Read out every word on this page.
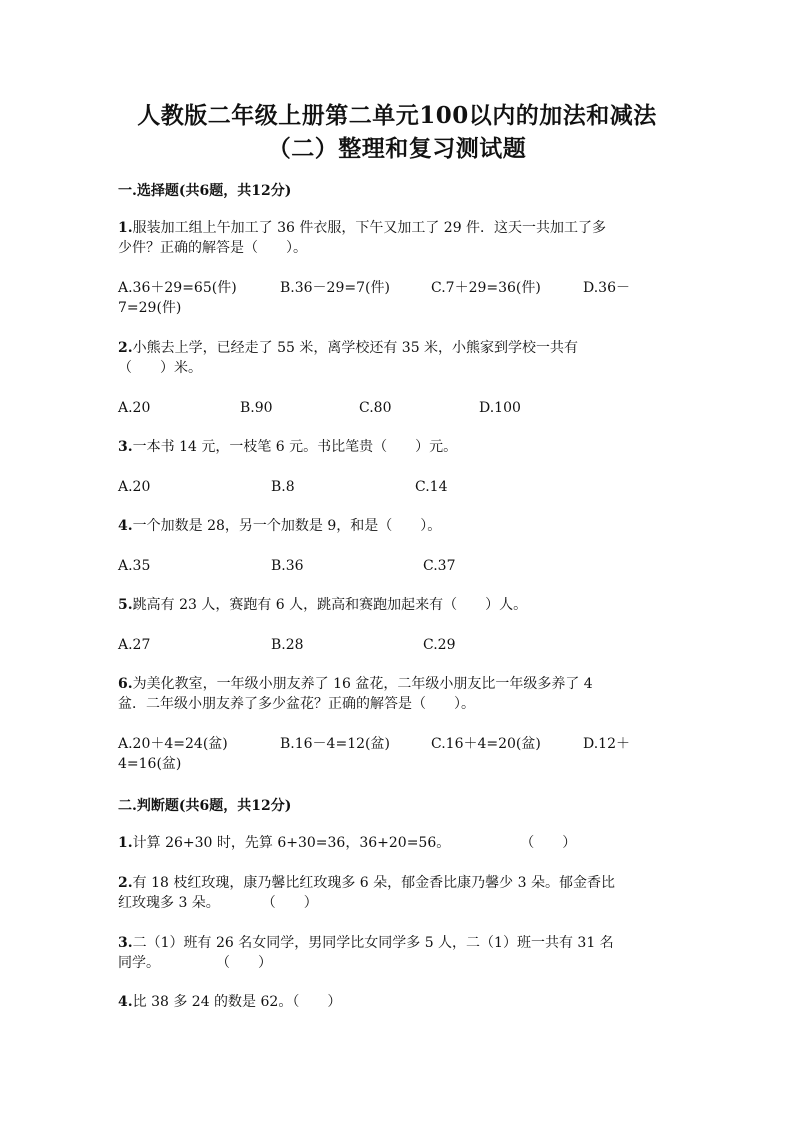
人教版二年级上册第二单元100以内的加法和减法
（二）整理和复习测试题
一.选择题(共6题，共12分)
1.服装加工组上午加工了 36 件衣服，下午又加工了 29 件．这天一共加工了多
少件？正确的解答是（　　）。
A.36＋29=65(件)	B.36－29=7(件)	C.7＋29=36(件)	D.36－
7=29(件)
2.小熊去上学，已经走了 55 米，离学校还有 35 米，小熊家到学校一共有
（　　）米。
A.20	B.90	C.80	D.100
3.一本书 14 元，一枝笔 6 元。书比笔贵（　　）元。
A.20	B.8	C.14
4.一个加数是 28，另一个加数是 9，和是（　　）。
A.35	B.36	C.37
5.跳高有 23 人，赛跑有 6 人，跳高和赛跑加起来有（　　）人。
A.27	B.28	C.29
6.为美化教室，一年级小朋友养了 16 盆花，二年级小朋友比一年级多养了 4
盆．二年级小朋友养了多少盆花？正确的解答是（　　）。
A.20＋4=24(盆)	B.16－4=12(盆)	C.16＋4=20(盆)	D.12＋
4=16(盆)
二.判断题(共6题，共12分)
1.计算 26+30 时，先算 6+30=36，36+20=56。　　　　　　（　　）
2.有 18 枝红玫瑰，康乃馨比红玫瑰多 6 朵，郁金香比康乃馨少 3 朵。郁金香比
红玫瑰多 3 朵。　　　　（　　）
3.二（1）班有 26 名女同学，男同学比女同学多 5 人，二（1）班一共有 31 名
同学。　　　　　（　　）
4.比 38 多 24 的数是 62。（　　）
